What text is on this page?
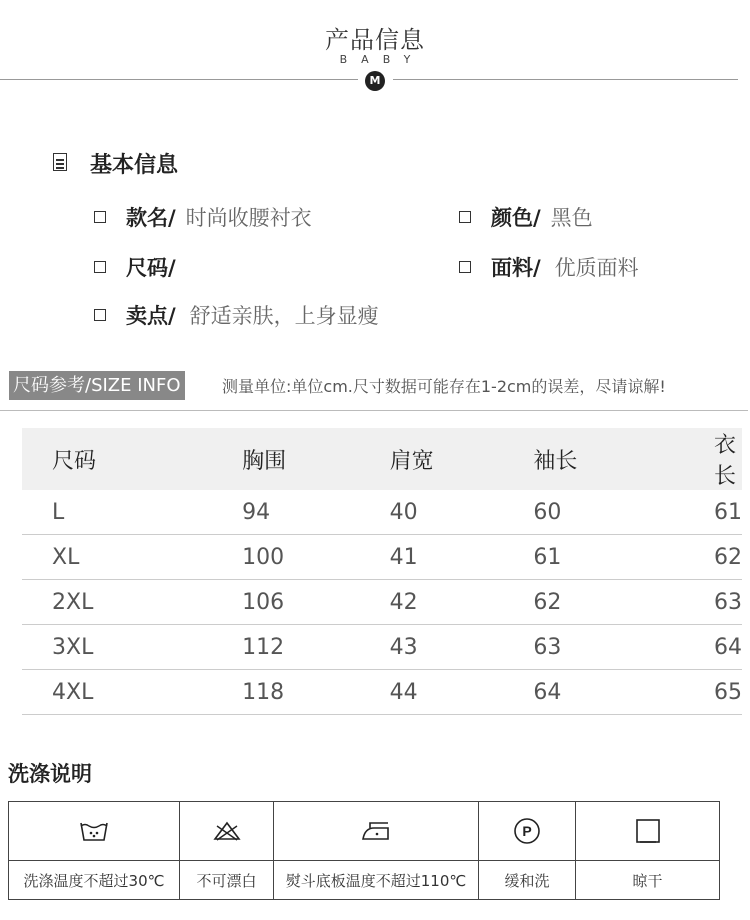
产品信息
BABY
M
基本信息
款名/ 时尚收腰衬衣	颜色/ 黑色
尺码/	面料/ 优质面料
卖点/ 舒适亲肤，上身显瘦
尺码参考/SIZE INFO	测量单位:单位cm.尺寸数据可能存在1-2cm的误差，尽请谅解!
尺码	胸围	肩宽	袖长	衣长
L	94	40	60	61
XL	100	41	61	62
2XL	106	42	62	63
3XL	112	43	63	64
4XL	118	44	64	65
洗涤说明

P

洗涤温度不超过30℃	不可漂白	熨斗底板温度不超过110℃	缓和洗	晾干
